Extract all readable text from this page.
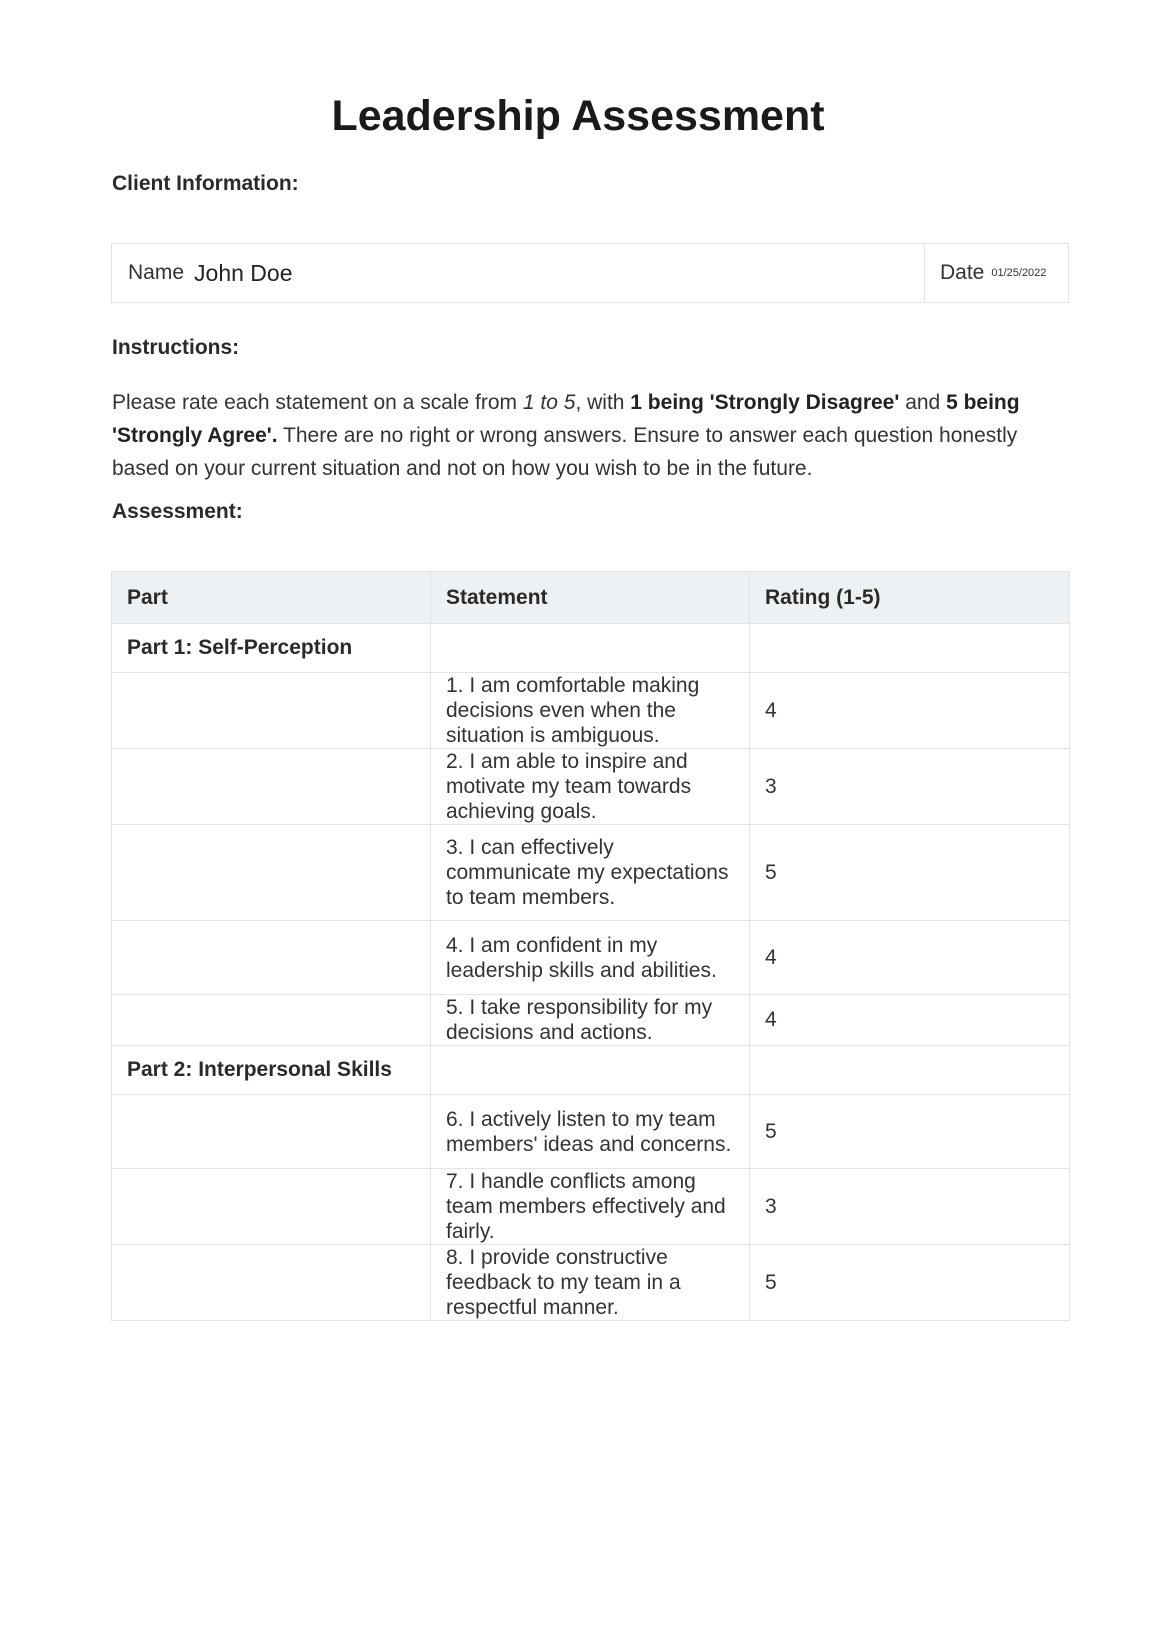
Leadership Assessment
Client Information:
Name John Doe	Date 01/25/2022
Instructions:

Please rate each statement on a scale from 1 to 5, with 1 being 'Strongly Disagree' and 5 being 'Strongly Agree'. There are no right or wrong answers. Ensure to answer each question honestly based on your current situation and not on how you wish to be in the future.

Assessment:
Part	Statement	Rating (1-5)
Part 1: Self-Perception		
	1. I am comfortable making decisions even when the situation is ambiguous.	4
	2. I am able to inspire and motivate my team towards achieving goals.	3
	3. I can effectively communicate my expectations to team members.	5
	4. I am confident in my leadership skills and abilities.	4
	5. I take responsibility for my decisions and actions.	4
Part 2: Interpersonal Skills		
	6. I actively listen to my team members' ideas and concerns.	5
	7. I handle conflicts among team members effectively and fairly.	3
	8. I provide constructive feedback to my team in a respectful manner.	5
